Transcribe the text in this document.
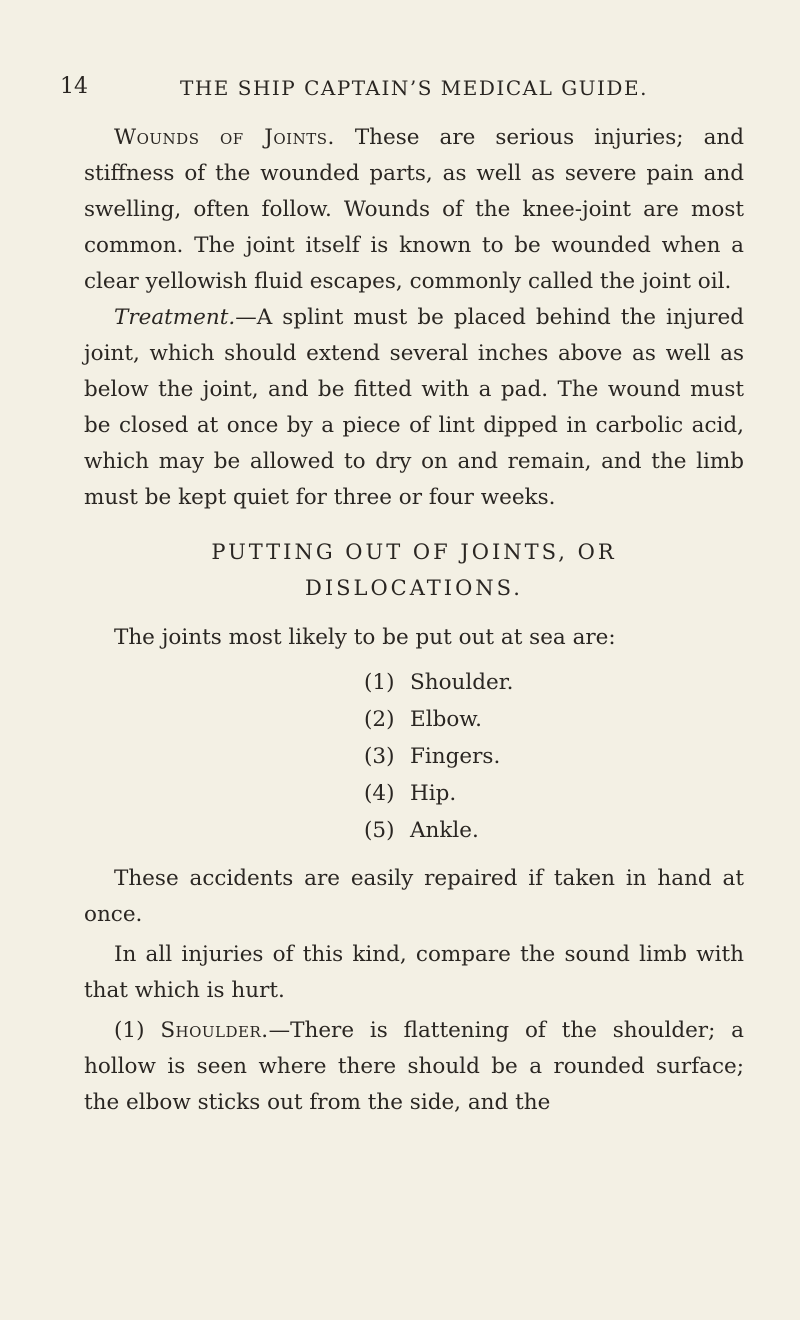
14	THE SHIP CAPTAIN’S MEDICAL GUIDE.

Wounds of Joints. These are serious injuries; and stiffness of the wounded parts, as well as severe pain and swelling, often follow. Wounds of the knee-joint are most common. The joint itself is known to be wounded when a clear yellowish fluid escapes, commonly called the joint oil.

Treatment.—A splint must be placed behind the injured joint, which should extend several inches above as well as below the joint, and be fitted with a pad. The wound must be closed at once by a piece of lint dipped in carbolic acid, which may be allowed to dry on and remain, and the limb must be kept quiet for three or four weeks.

PUTTING OUT OF JOINTS, OR
DISLOCATIONS.

The joints most likely to be put out at sea are:

(1) Shoulder.
(2) Elbow.
(3) Fingers.
(4) Hip.
(5) Ankle.

These accidents are easily repaired if taken in hand at once.

In all injuries of this kind, compare the sound limb with that which is hurt.

(1) Shoulder.—There is flattening of the shoulder; a hollow is seen where there should be a rounded surface; the elbow sticks out from the side, and the
